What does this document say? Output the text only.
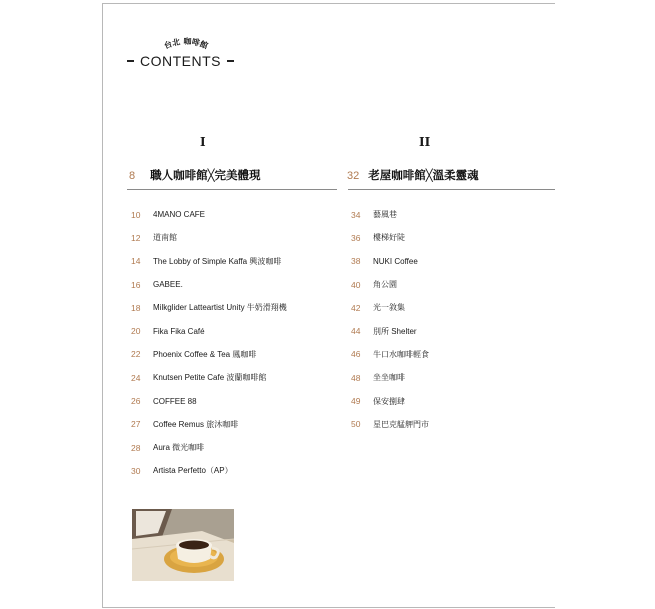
台北 咖啡館
CONTENTS
I	II
8 職人咖啡館╳完美體現	32 老屋咖啡館╳溫柔靈魂
10	4MANO CAFE
12	道南館
14	The Lobby of Simple Kaffa 興波咖啡
16	GABEE.
18	Milkglider Latteartist Unity 牛奶滑翔機
20	Fika Fika Café
22	Phoenix Coffee & Tea 鳳咖啡
24	Knutsen Petite Cafe 波蘭咖啡館
26	COFFEE 88
27	Coffee Remus 旅沐咖啡
28	Aura 微光咖啡
30	Artista Perfetto（AP）
34	藝風巷
36	樓梯好陡
38	NUKI Coffee
40	角公園
42	光一敘集
44	別所 Shelter
46	牛口水咖啡輕食
48	坐坐咖啡
49	保安捌肆
50	星巴克艋舺門市
